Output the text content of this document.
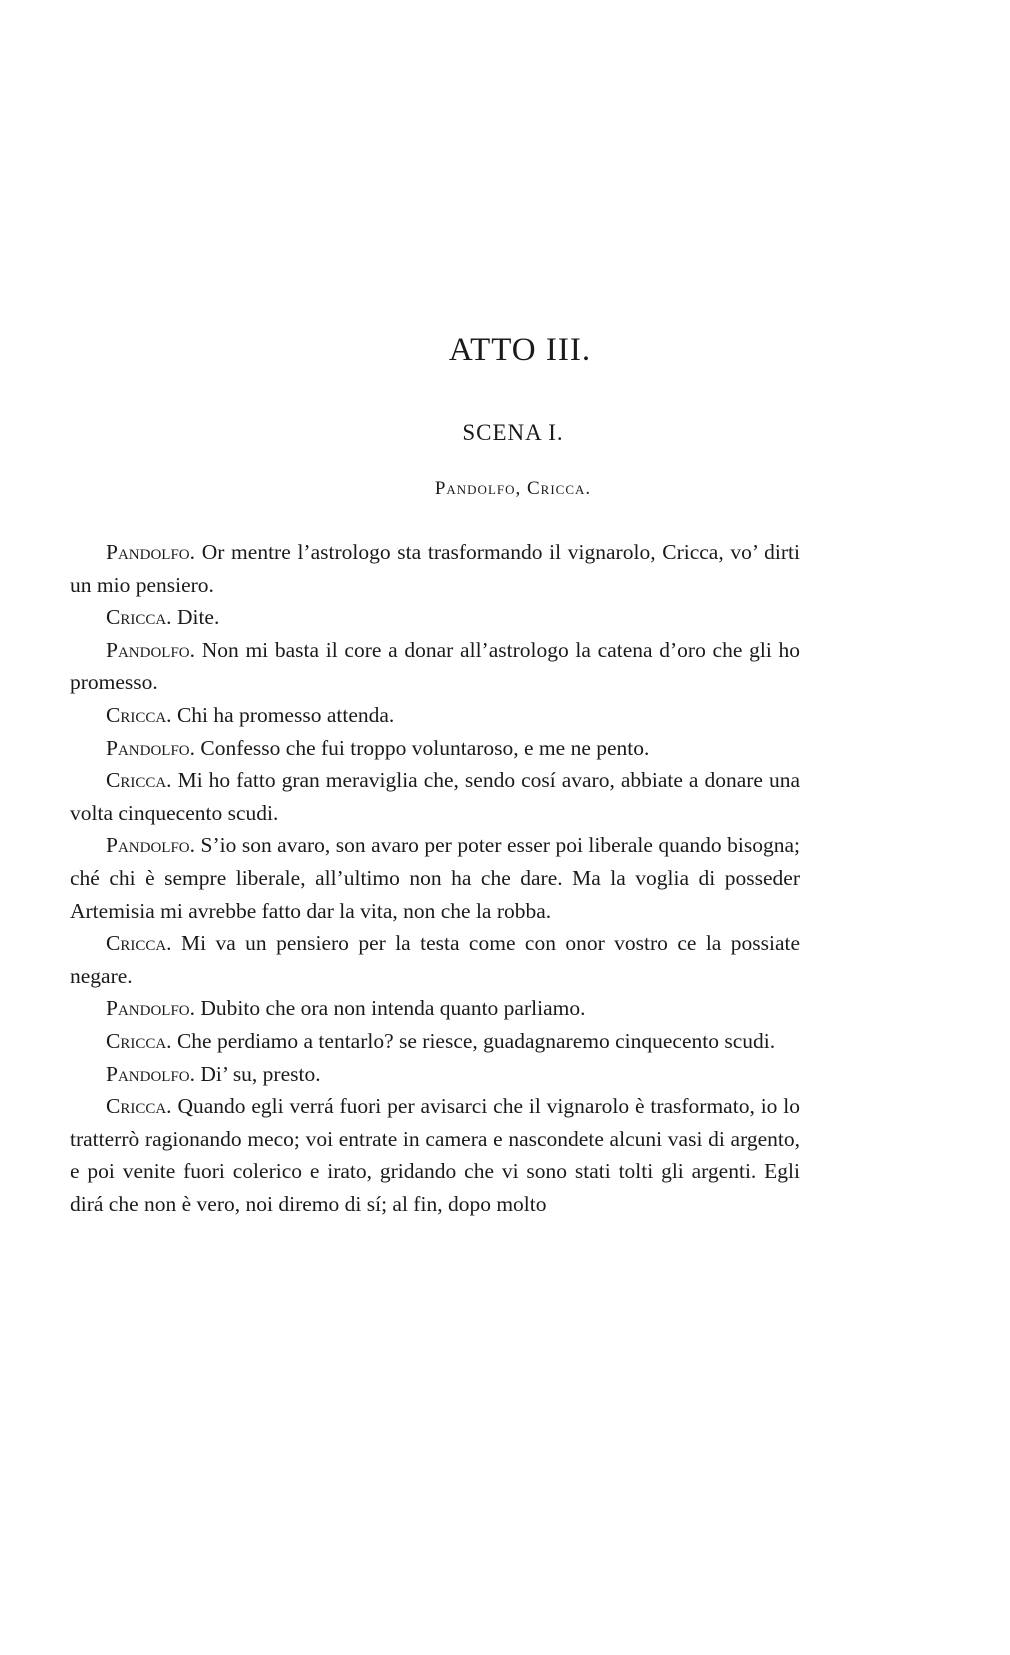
ATTO III.
SCENA I.
Pandolfo, Cricca.

Pandolfo. Or mentre l’astrologo sta trasformando il vignarolo, Cricca, vo’ dirti un mio pensiero.

Cricca. Dite.

Pandolfo. Non mi basta il core a donar all’astrologo la catena d’oro che gli ho promesso.

Cricca. Chi ha promesso attenda.

Pandolfo. Confesso che fui troppo voluntaroso, e me ne pento.

Cricca. Mi ho fatto gran meraviglia che, sendo cosí avaro, abbiate a donare una volta cinquecento scudi.

Pandolfo. S’io son avaro, son avaro per poter esser poi liberale quando bisogna; ché chi è sempre liberale, all’ultimo non ha che dare. Ma la voglia di posseder Artemisia mi avrebbe fatto dar la vita, non che la robba.

Cricca. Mi va un pensiero per la testa come con onor vostro ce la possiate negare.

Pandolfo. Dubito che ora non intenda quanto parliamo.

Cricca. Che perdiamo a tentarlo? se riesce, guadagnaremo cinquecento scudi.

Pandolfo. Di’ su, presto.

Cricca. Quando egli verrá fuori per avisarci che il vignarolo è trasformato, io lo tratterrò ragionando meco; voi entrate in camera e nascondete alcuni vasi di argento, e poi venite fuori colerico e irato, gridando che vi sono stati tolti gli argenti. Egli dirá che non è vero, noi diremo di sí; al fin, dopo molto
